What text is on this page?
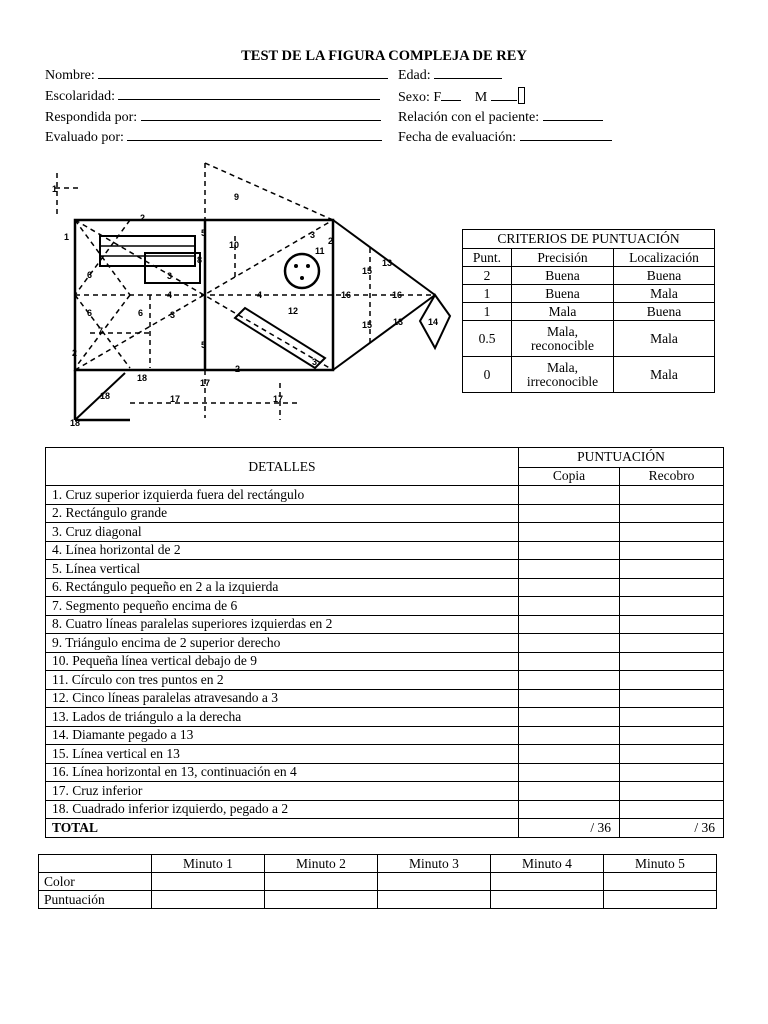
TEST DE LA FIGURA COMPLEJA DE REY
Nombre:	Edad:
Escolaridad:	Sexo: F M
Respondida por:	Relación con el paciente:
Evaluado por:	Fecha de evaluación:
1
1
2
2
2
2
3
3
3
3
4	4
5
5
6
6	6
7
8
9
10
11
12
13
13	14
15
15
16	16
17
17	17
18
18
18
CRITERIOS DE PUNTUACIÓN		
Punt.	Precisión	Localización
2	Buena	Buena
1	Buena	Mala
1	Mala	Buena
0.5	Mala, reconocible	Mala
0	Mala, irreconocible	Mala
DETALLES	PUNTUACIÓN	
	Copia	Recobro
1. Cruz superior izquierda fuera del rectángulo		
2. Rectángulo grande		
3. Cruz diagonal		
4. Línea horizontal de 2		
5. Línea vertical		
6. Rectángulo pequeño en 2 a la izquierda		
7. Segmento pequeño encima de 6		
8. Cuatro líneas paralelas superiores izquierdas en 2		
9. Triángulo encima de 2 superior derecho		
10. Pequeña línea vertical debajo de 9		
11. Círculo con tres puntos en 2		
12. Cinco líneas paralelas atravesando a 3		
13. Lados de triángulo a la derecha		
14. Diamante pegado a 13		
15. Línea vertical en 13		
16. Línea horizontal en 13, continuación en 4		
17. Cruz inferior		
18. Cuadrado inferior izquierdo, pegado a 2		
TOTAL	/ 36	/ 36
	Minuto 1	Minuto 2	Minuto 3	Minuto 4	Minuto 5
Color					
Puntuación					
